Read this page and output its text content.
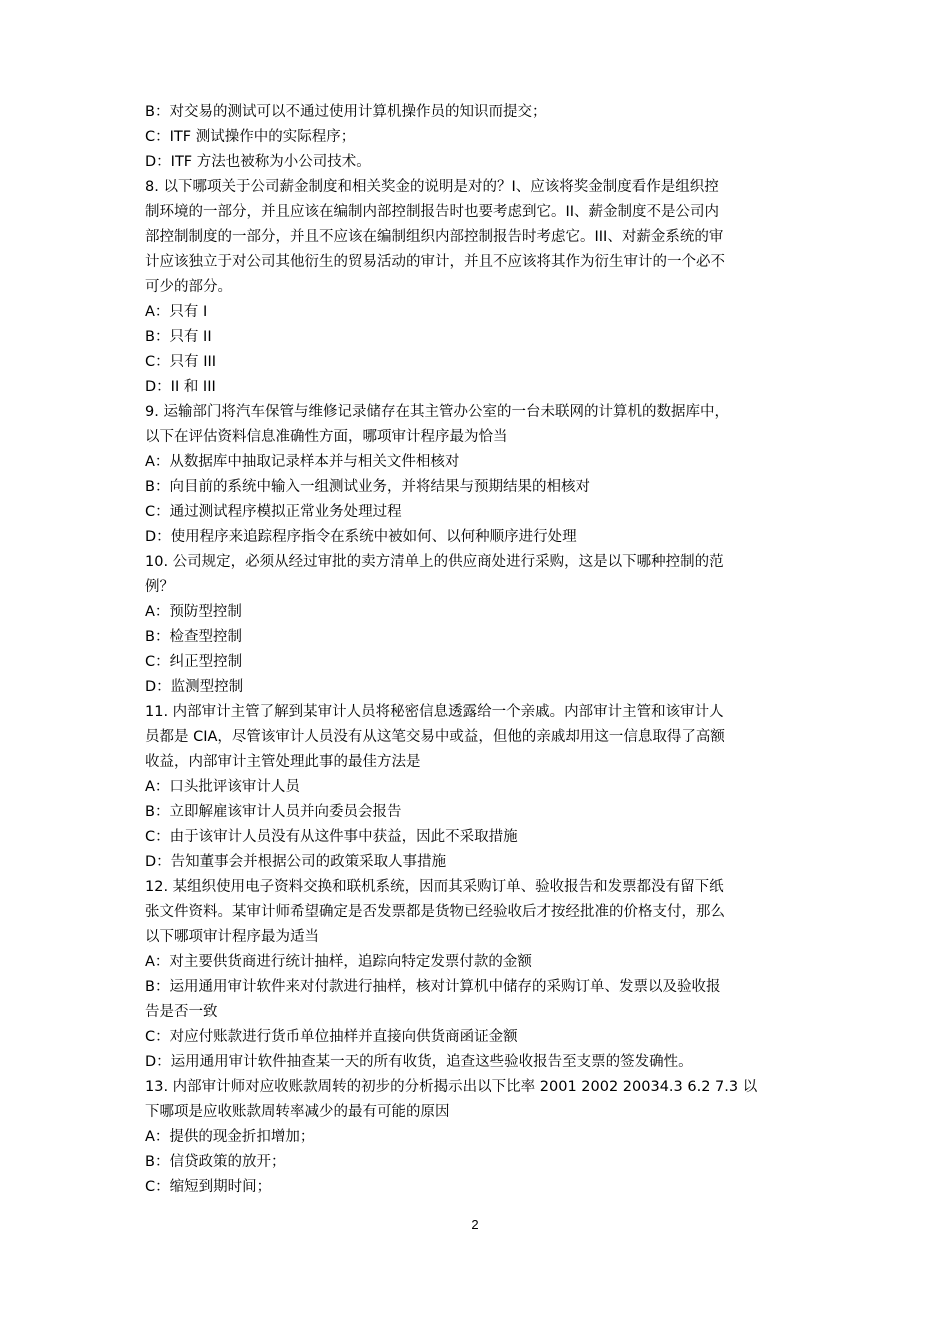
B：对交易的测试可以不通过使用计算机操作员的知识而提交；
C：ITF 测试操作中的实际程序；
D：ITF 方法也被称为小公司技术。
8. 以下哪项关于公司薪金制度和相关奖金的说明是对的？I、应该将奖金制度看作是组织控
制环境的一部分，并且应该在编制内部控制报告时也要考虑到它。II、薪金制度不是公司内
部控制制度的一部分，并且不应该在编制组织内部控制报告时考虑它。III、对薪金系统的审
计应该独立于对公司其他衍生的贸易活动的审计，并且不应该将其作为衍生审计的一个必不
可少的部分。
A：只有 I
B：只有 II
C：只有 III
D：II 和 III
9. 运输部门将汽车保管与维修记录储存在其主管办公室的一台未联网的计算机的数据库中，
以下在评估资料信息准确性方面，哪项审计程序最为恰当
A：从数据库中抽取记录样本并与相关文件相核对
B：向目前的系统中输入一组测试业务，并将结果与预期结果的相核对
C：通过测试程序模拟正常业务处理过程
D：使用程序来追踪程序指令在系统中被如何、以何种顺序进行处理
10. 公司规定，必须从经过审批的卖方清单上的供应商处进行采购，这是以下哪种控制的范
例？
A：预防型控制
B：检查型控制
C：纠正型控制
D：监测型控制
11. 内部审计主管了解到某审计人员将秘密信息透露给一个亲戚。内部审计主管和该审计人
员都是 CIA，尽管该审计人员没有从这笔交易中或益，但他的亲戚却用这一信息取得了高额
收益，内部审计主管处理此事的最佳方法是
A：口头批评该审计人员
B：立即解雇该审计人员并向委员会报告
C：由于该审计人员没有从这件事中获益，因此不采取措施
D：告知董事会并根据公司的政策采取人事措施
12. 某组织使用电子资料交换和联机系统，因而其采购订单、验收报告和发票都没有留下纸
张文件资料。某审计师希望确定是否发票都是货物已经验收后才按经批准的价格支付，那么
以下哪项审计程序最为适当
A：对主要供货商进行统计抽样，追踪向特定发票付款的金额
B：运用通用审计软件来对付款进行抽样，核对计算机中储存的采购订单、发票以及验收报
告是否一致
C：对应付账款进行货币单位抽样并直接向供货商函证金额
D：运用通用审计软件抽查某一天的所有收货，追查这些验收报告至支票的签发确性。
13. 内部审计师对应收账款周转的初步的分析揭示出以下比率 2001 2002 20034.3 6.2 7.3 以
下哪项是应收账款周转率减少的最有可能的原因
A：提供的现金折扣增加；
B：信贷政策的放开；
C：缩短到期时间；
2
